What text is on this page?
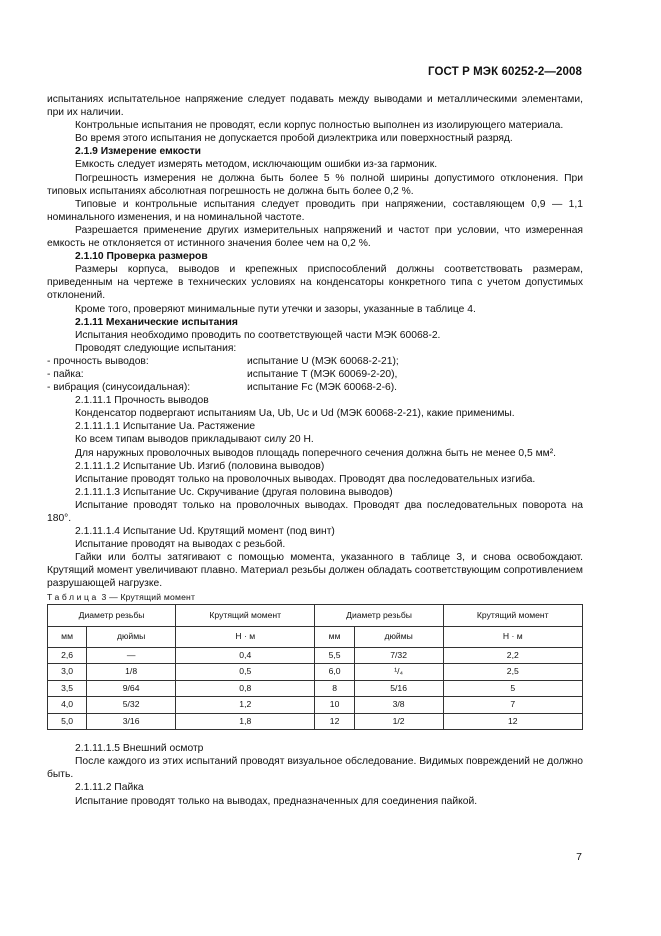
ГОСТ Р МЭК 60252-2—2008

испытаниях испытательное напряжение следует подавать между выводами и металлическими элементами, при их наличии.

Контрольные испытания не проводят, если корпус полностью выполнен из изолирующего материала.

Во время этого испытания не допускается пробой диэлектрика или поверхностный разряд.

2.1.9 Измерение емкости

Емкость следует измерять методом, исключающим ошибки из-за гармоник.

Погрешность измерения не должна быть более 5 % полной ширины допустимого отклонения. При типовых испытаниях абсолютная погрешность не должна быть более 0,2 %.

Типовые и контрольные испытания следует проводить при напряжении, составляющем 0,9 — 1,1 номинального изменения, и на номинальной частоте.

Разрешается применение других измерительных напряжений и частот при условии, что измеренная емкость не отклоняется от истинного значения более чем на 0,2 %.

2.1.10 Проверка размеров

Размеры корпуса, выводов и крепежных приспособлений должны соответствовать размерам, приведенным на чертеже в технических условиях на конденсаторы конкретного типа с учетом допустимых отклонений.

Кроме того, проверяют минимальные пути утечки и зазоры, указанные в таблице 4.

2.1.11 Механические испытания

Испытания необходимо проводить по соответствующей части МЭК 60068-2.

Проводят следующие испытания:

- прочность выводов:	испытание U (МЭК 60068-2-21);

- пайка:	испытание T (МЭК 60069-2-20),

- вибрация (синусоидальная):	испытание Fc (МЭК 60068-2-6).

2.1.11.1 Прочность выводов

Конденсатор подвергают испытаниям Ua, Ub, Uc и Ud (МЭК 60068-2-21), какие применимы.

2.1.11.1.1 Испытание Ua. Растяжение

Ко всем типам выводов прикладывают силу 20 Н.

Для наружных проволочных выводов площадь поперечного сечения должна быть не менее 0,5 мм².

2.1.11.1.2 Испытание Ub. Изгиб (половина выводов)

Испытание проводят только на проволочных выводах. Проводят два последовательных изгиба.

2.1.11.1.3 Испытание Uc. Скручивание (другая половина выводов)

Испытание проводят только на проволочных выводах. Проводят два последовательных поворота на 180°.

2.1.11.1.4 Испытание Ud. Крутящий момент (под винт)

Испытание проводят на выводах с резьбой.

Гайки или болты затягивают с помощью момента, указанного в таблице 3, и снова освобождают. Крутящий момент увеличивают плавно. Материал резьбы должен обладать соответствующим сопротивлением разрушающей нагрузке.

Таблица 3 — Крутящий момент

Диаметр резьбы		Крутящий момент	Диаметр резьбы		Крутящий момент
мм	дюймы	Н · м	мм	дюймы	Н · м
2,6	—	0,4	5,5	7/32	2,2
3,0	1/8	0,5	6,0	¹/₄	2,5
3,5	9/64	0,8	8	5/16	5
4,0	5/32	1,2	10	3/8	7
5,0	3/16	1,8	12	1/2	12

2.1.11.1.5 Внешний осмотр

После каждого из этих испытаний проводят визуальное обследование. Видимых повреждений не должно быть.

2.1.11.2 Пайка

Испытание проводят только на выводах, предназначенных для соединения пайкой.

7
